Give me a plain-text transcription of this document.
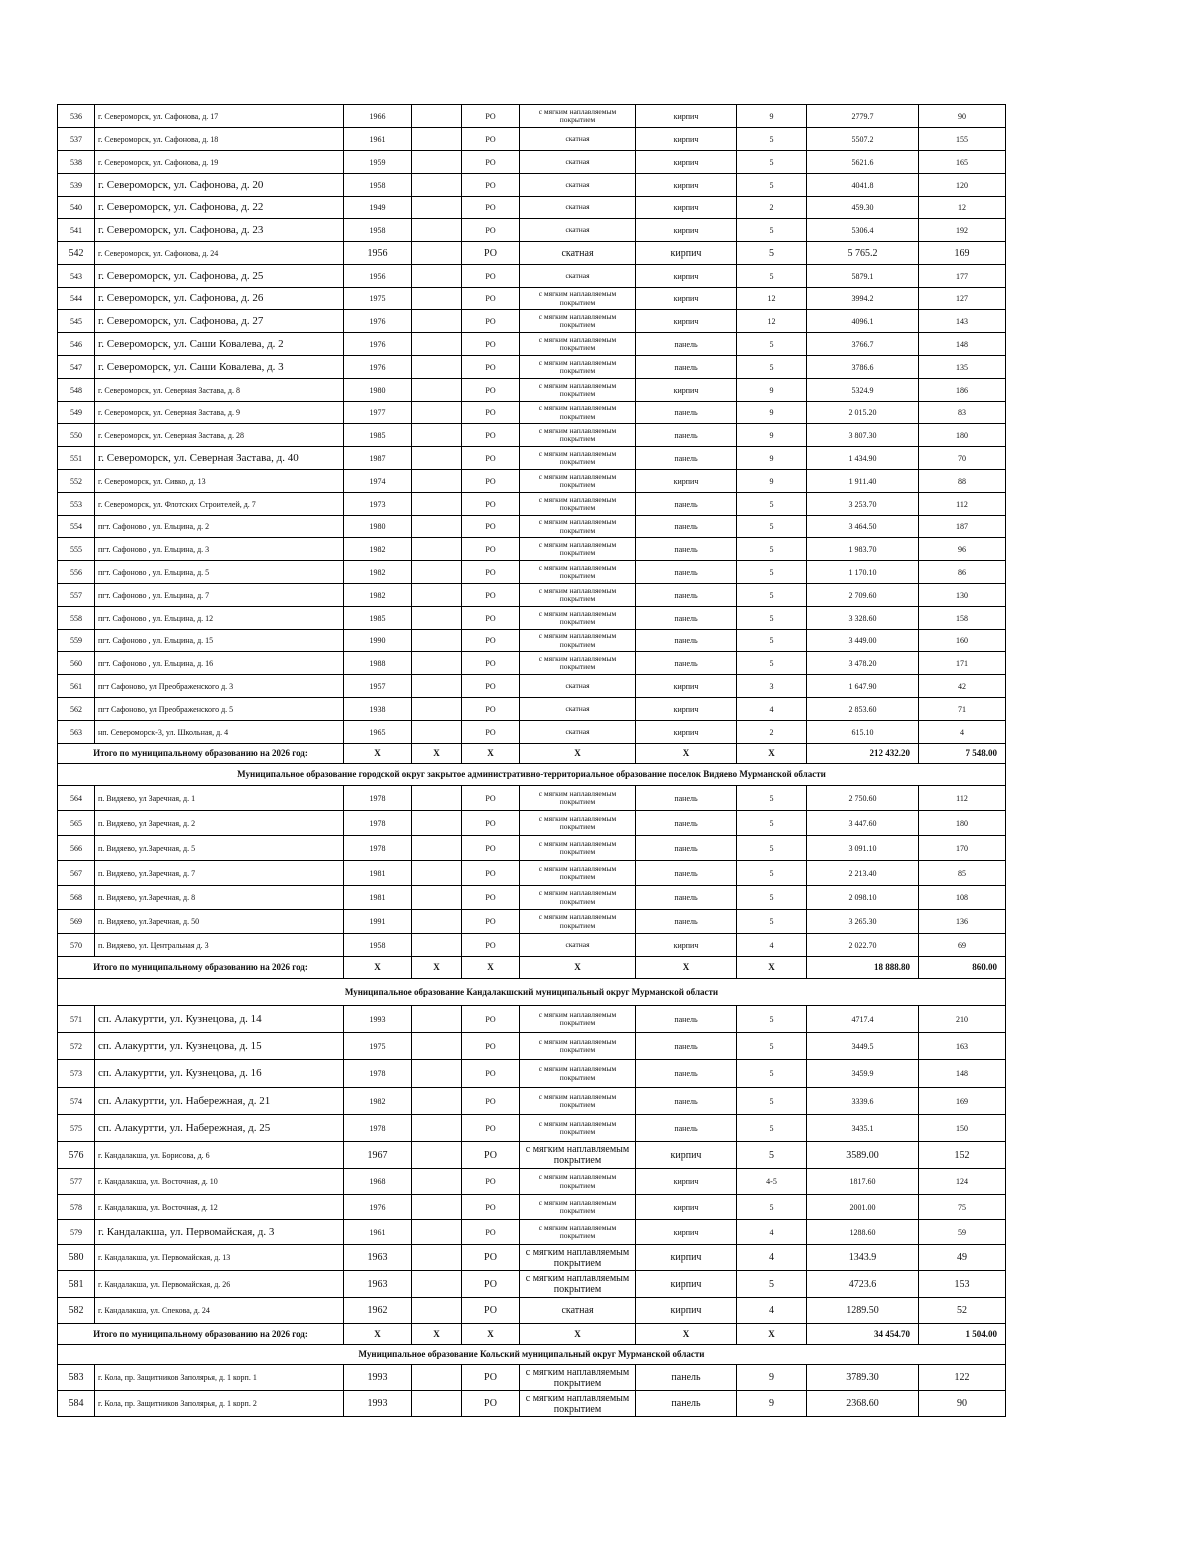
536	г. Североморск, ул. Сафонова, д. 17	1966		РО	с мягким наплавляемым покрытием	кирпич	9	2779.7	90
537	г. Североморск, ул. Сафонова, д. 18	1961		РО	скатная	кирпич	5	5507.2	155
538	г. Североморск, ул. Сафонова, д. 19	1959		РО	скатная	кирпич	5	5621.6	165
539	г. Североморск, ул. Сафонова, д. 20	1958		РО	скатная	кирпич	5	4041.8	120
540	г. Североморск, ул. Сафонова, д. 22	1949		РО	скатная	кирпич	2	459.30	12
541	г. Североморск, ул. Сафонова, д. 23	1958		РО	скатная	кирпич	5	5306.4	192
542	г. Североморск, ул. Сафонова, д. 24	1956		РО	скатная	кирпич	5	5 765.2	169
543	г. Североморск, ул. Сафонова, д. 25	1956		РО	скатная	кирпич	5	5879.1	177
544	г. Североморск, ул. Сафонова, д. 26	1975		РО	с мягким наплавляемым покрытием	кирпич	12	3994.2	127
545	г. Североморск, ул. Сафонова, д. 27	1976		РО	с мягким наплавляемым покрытием	кирпич	12	4096.1	143
546	г. Североморск, ул. Саши Ковалева, д. 2	1976		РО	с мягким наплавляемым покрытием	панель	5	3766.7	148
547	г. Североморск, ул. Саши Ковалева, д. 3	1976		РО	с мягким наплавляемым покрытием	панель	5	3786.6	135
548	г. Североморск, ул. Северная Застава, д. 8	1980		РО	с мягким наплавляемым покрытием	кирпич	9	5324.9	186
549	г. Североморск, ул. Северная Застава, д. 9	1977		РО	с мягким наплавляемым покрытием	панель	9	2 015.20	83
550	г. Североморск, ул. Северная Застава, д. 28	1985		РО	с мягким наплавляемым покрытием	панель	9	3 807.30	180
551	г. Североморск, ул. Северная Застава, д. 40	1987		РО	с мягким наплавляемым покрытием	панель	9	1 434.90	70
552	г. Североморск, ул. Сивко, д. 13	1974		РО	с мягким наплавляемым покрытием	кирпич	9	1 911.40	88
553	г. Североморск, ул. Флотских Строителей, д. 7	1973		РО	с мягким наплавляемым покрытием	панель	5	3 253.70	112
554	пгт. Сафоново , ул. Ельцина, д. 2	1980		РО	с мягким наплавляемым покрытием	панель	5	3 464.50	187
555	пгт. Сафоново , ул. Ельцина, д. 3	1982		РО	с мягким наплавляемым покрытием	панель	5	1 983.70	96
556	пгт. Сафоново , ул. Ельцина, д. 5	1982		РО	с мягким наплавляемым покрытием	панель	5	1 170.10	86
557	пгт. Сафоново , ул. Ельцина, д. 7	1982		РО	с мягким наплавляемым покрытием	панель	5	2 709.60	130
558	пгт. Сафоново , ул. Ельцина, д. 12	1985		РО	с мягким наплавляемым покрытием	панель	5	3 328.60	158
559	пгт. Сафоново , ул. Ельцина, д. 15	1990		РО	с мягким наплавляемым покрытием	панель	5	3 449.00	160
560	пгт. Сафоново , ул. Ельцина, д. 16	1988		РО	с мягким наплавляемым покрытием	панель	5	3 478.20	171
561	пгт Сафоново, ул Преображенского д. 3	1957		РО	скатная	кирпич	3	1 647.90	42
562	пгт Сафоново, ул Преображенского д. 5	1938		РО	скатная	кирпич	4	2 853.60	71
563	нп. Североморск-3, ул. Школьная, д. 4	1965		РО	скатная	кирпич	2	615.10	4
Итого по муниципальному образованию на 2026 год:		X	X	X	X	X	X	212 432.20	7 548.00
Муниципальное образование городской округ закрытое административно-территориальное образование поселок Видяево Мурманской области									
564	п. Видяево, ул Заречная, д. 1	1978		РО	с мягким наплавляемым покрытием	панель	5	2 750.60	112
565	п. Видяево, ул Заречная, д. 2	1978		РО	с мягким наплавляемым покрытием	панель	5	3 447.60	180
566	п. Видяево, ул.Заречная, д. 5	1978		РО	с мягким наплавляемым покрытием	панель	5	3 091.10	170
567	п. Видяево, ул.Заречная, д. 7	1981		РО	с мягким наплавляемым покрытием	панель	5	2 213.40	85
568	п. Видяево, ул.Заречная, д. 8	1981		РО	с мягким наплавляемым покрытием	панель	5	2 098.10	108
569	п. Видяево, ул.Заречная, д. 50	1991		РО	с мягким наплавляемым покрытием	панель	5	3 265.30	136
570	п. Видяево, ул. Центральная д. 3	1958		РО	скатная	кирпич	4	2 022.70	69
Итого по муниципальному образованию на 2026 год:		X	X	X	X	X	X	18 888.80	860.00
Муниципальное образование Кандалакшский муниципальный округ Мурманской области									
571	сп. Алакуртти, ул. Кузнецова, д. 14	1993		РО	с мягким наплавляемым покрытием	панель	5	4717.4	210
572	сп. Алакуртти, ул. Кузнецова, д. 15	1975		РО	с мягким наплавляемым покрытием	панель	5	3449.5	163
573	сп. Алакуртти, ул. Кузнецова, д. 16	1978		РО	с мягким наплавляемым покрытием	панель	5	3459.9	148
574	сп. Алакуртти, ул. Набережная, д. 21	1982		РО	с мягким наплавляемым покрытием	панель	5	3339.6	169
575	сп. Алакуртти, ул. Набережная, д. 25	1978		РО	с мягким наплавляемым покрытием	панель	5	3435.1	150
576	г. Кандалакша, ул. Борисова, д. 6	1967		РО	с мягким наплавляемым покрытием	кирпич	5	3589.00	152
577	г. Кандалакша, ул. Восточная, д. 10	1968		РО	с мягким наплавляемым покрытием	кирпич	4-5	1817.60	124
578	г. Кандалакша, ул. Восточная, д. 12	1976		РО	с мягким наплавляемым покрытием	кирпич	5	2001.00	75
579	г. Кандалакша, ул. Первомайская, д. 3	1961		РО	с мягким наплавляемым покрытием	кирпич	4	1288.60	59
580	г. Кандалакша, ул. Первомайская, д. 13	1963		РО	с мягким наплавляемым покрытием	кирпич	4	1343.9	49
581	г. Кандалакша, ул. Первомайская, д. 26	1963		РО	с мягким наплавляемым покрытием	кирпич	5	4723.6	153
582	г. Кандалакша, ул. Спекова, д. 24	1962		РО	скатная	кирпич	4	1289.50	52
Итого по муниципальному образованию на 2026 год:		X	X	X	X	X	X	34 454.70	1 504.00
Муниципальное образование Кольский муниципальный округ Мурманской области									
583	г. Кола, пр. Защитников Заполярья, д. 1 корп. 1	1993		РО	с мягким наплавляемым покрытием	панель	9	3789.30	122
584	г. Кола, пр. Защитников Заполярья, д. 1 корп. 2	1993		РО	с мягким наплавляемым покрытием	панель	9	2368.60	90
